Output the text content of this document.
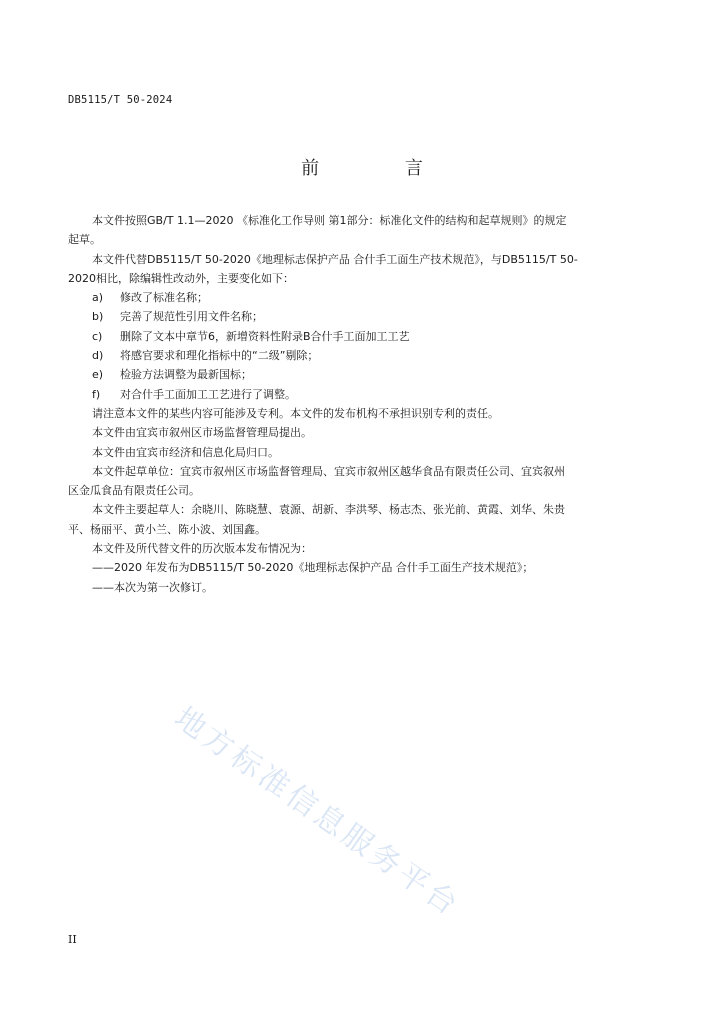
DB5115/T 50-2024
前 言
本文件按照GB/T 1.1—2020 《标准化工作导则 第1部分：标准化文件的结构和起草规则》的规定
起草。
本文件代替DB5115/T 50-2020《地理标志保护产品 合什手工面生产技术规范》，与DB5115/T 50-
2020相比，除编辑性改动外，主要变化如下：
a) 修改了标准名称；
b) 完善了规范性引用文件名称；
c) 删除了文本中章节6，新增资料性附录B合什手工面加工工艺
d) 将感官要求和理化指标中的“二级”剔除；
e) 检验方法调整为最新国标；
f) 对合什手工面加工工艺进行了调整。
请注意本文件的某些内容可能涉及专利。本文件的发布机构不承担识别专利的责任。
本文件由宜宾市叙州区市场监督管理局提出。
本文件由宜宾市经济和信息化局归口。
本文件起草单位：宜宾市叙州区市场监督管理局、宜宾市叙州区越华食品有限责任公司、宜宾叙州
区金瓜食品有限责任公司。
本文件主要起草人：余晓川、陈晓慧、袁源、胡新、李洪琴、杨志杰、张光前、黄霞、刘华、朱贵
平、杨丽平、黄小兰、陈小波、刘国鑫。
本文件及所代替文件的历次版本发布情况为：
——2020 年发布为DB5115/T 50-2020《地理标志保护产品 合什手工面生产技术规范》；
——本次为第一次修订。
地方标准信息服务平台
II
